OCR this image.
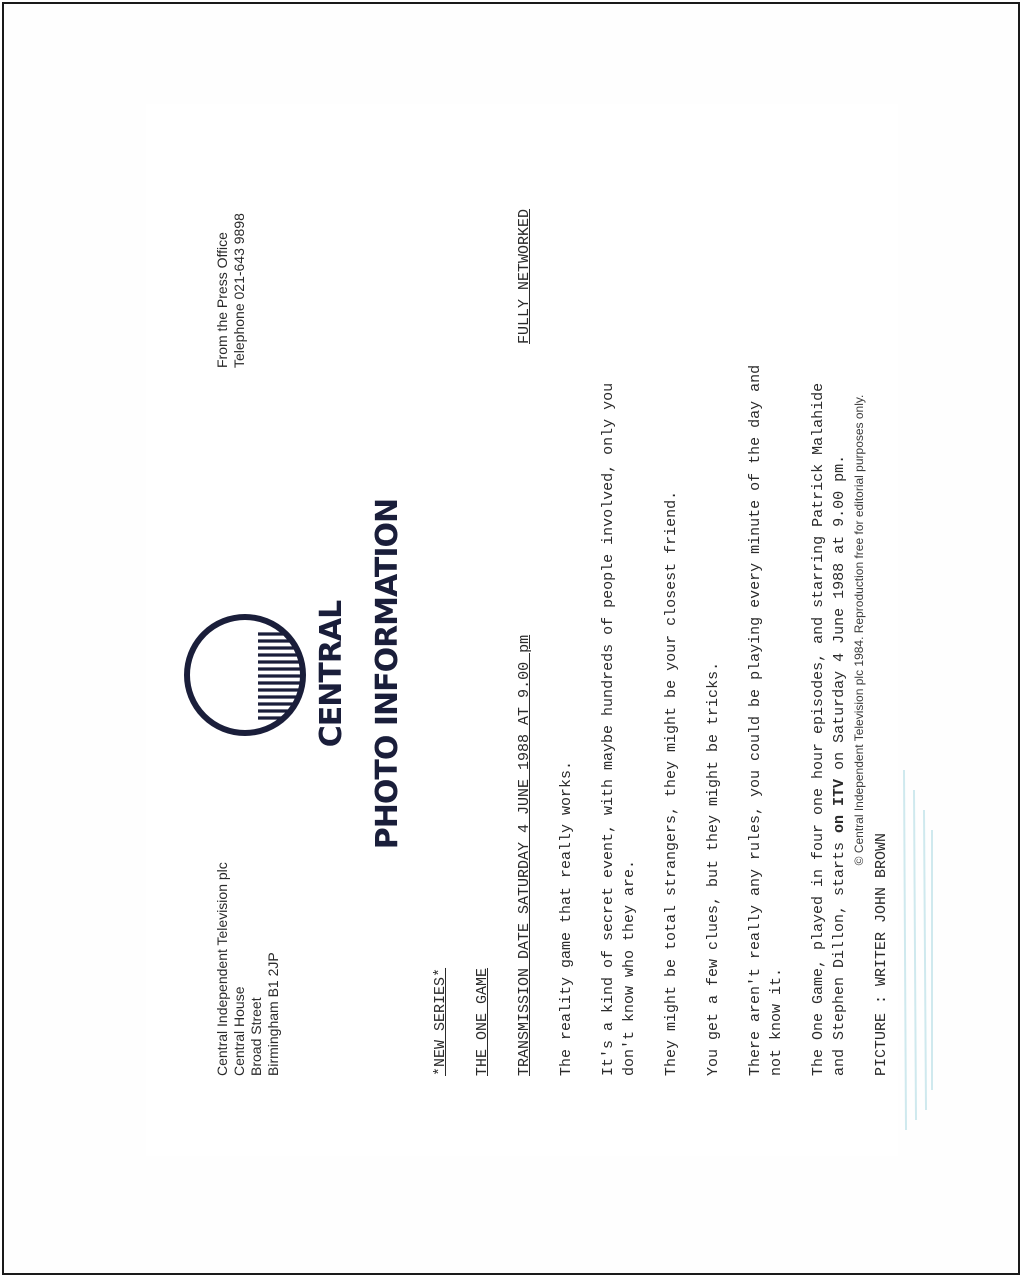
Central Independent Television plc Central House Broad Street Birmingham B1 2JP
CENTRAL PHOTO INFORMATION
From the Press Office Telephone 021-643 9898

*NEW SERIES* THE ONE GAME TRANSMISSION DATE SATURDAY 4 JUNE 1988 AT 9.00 pm
FULLY NETWORKED

The reality game that really works. It's a kind of secret event, with maybe hundreds of people involved, only you don't know who they are. They might be total strangers, they might be your closest friend. You get a few clues, but they might be tricks. There aren't really any rules, you could be playing every minute of the day and not know it. The One Game, played in four one hour episodes, and starring Patrick Malahide and Stephen Dillon, starts on ITV on Saturday 4 June 1988 at 9.00 pm.

PICTURE : WRITER JOHN BROWN

© Central Independent Television plc 1984. Reproduction free for editorial purposes only.
